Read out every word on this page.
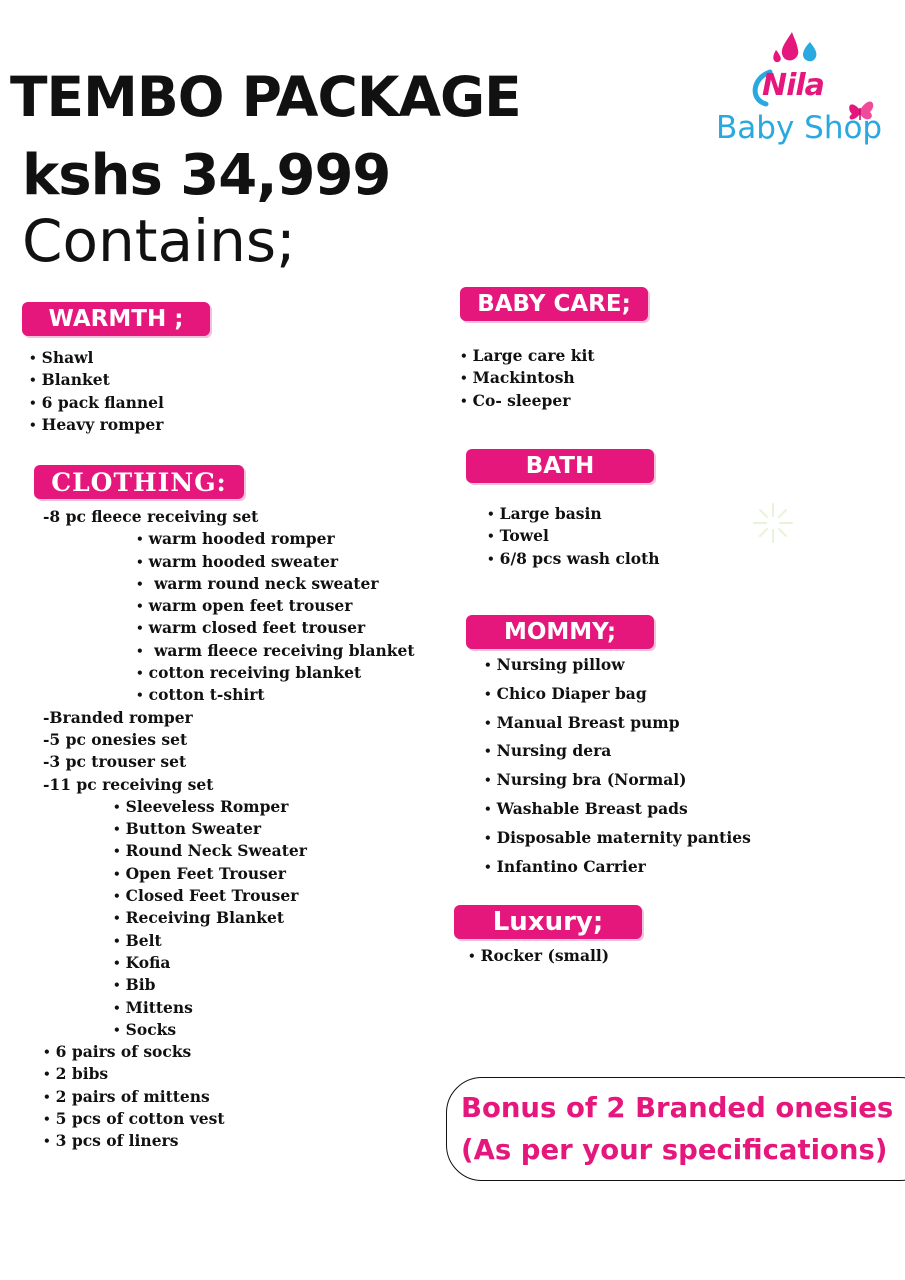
TEMBO PACKAGE
kshs 34,999
Contains;
Nila
Baby Shop
WARMTH ;
• Shawl
• Blanket
• 6 pack flannel
• Heavy romper
CLOTHING:
-8 pc fleece receiving set
• warm hooded romper
• warm hooded sweater
• warm round neck sweater
• warm open feet trouser
• warm closed feet trouser
• warm fleece receiving blanket
• cotton receiving blanket
• cotton t-shirt
-Branded romper
-5 pc onesies set
-3 pc trouser set
-11 pc receiving set
• Sleeveless Romper
• Button Sweater
• Round Neck Sweater
• Open Feet Trouser
• Closed Feet Trouser
• Receiving Blanket
• Belt
• Kofia
• Bib
• Mittens
• Socks
• 6 pairs of socks
• 2 bibs
• 2 pairs of mittens
• 5 pcs of cotton vest
• 3 pcs of liners
BABY CARE;
• Large care kit
• Mackintosh
• Co- sleeper
BATH
• Large basin
• Towel
• 6/8 pcs wash cloth
MOMMY;
• Nursing pillow
• Chico Diaper bag
• Manual Breast pump
• Nursing dera
• Nursing bra (Normal)
• Washable Breast pads
• Disposable maternity panties
• Infantino Carrier
Luxury;
• Rocker (small)

Bonus of 2 Branded onesies

(As per your specifications)
